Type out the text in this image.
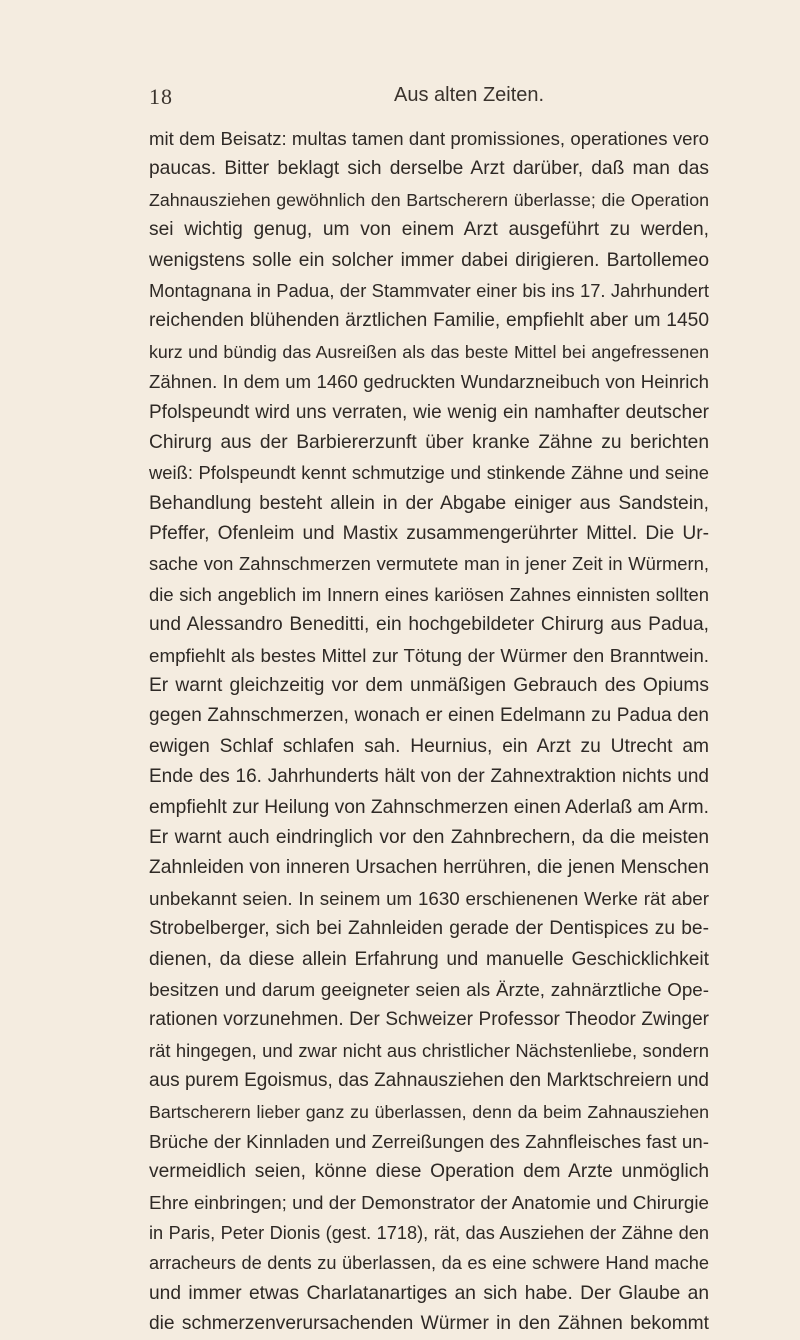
18	Aus alten Zeiten.
mit dem Beisatz: multas tamen dant promissiones, operationes vero
paucas. Bitter beklagt sich derselbe Arzt darüber, daß man das
Zahnausziehen gewöhnlich den Bartscherern überlasse; die Operation
sei wichtig genug, um von einem Arzt ausgeführt zu werden,
wenigstens solle ein solcher immer dabei dirigieren. Bartollemeo
Montagnana in Padua, der Stammvater einer bis ins 17. Jahrhundert
reichenden blühenden ärztlichen Familie, empfiehlt aber um 1450
kurz und bündig das Ausreißen als das beste Mittel bei angefressenen
Zähnen. In dem um 1460 gedruckten Wundarzneibuch von Heinrich
Pfolspeundt wird uns verraten, wie wenig ein namhafter deutscher
Chirurg aus der Barbiererzunft über kranke Zähne zu berichten
weiß: Pfolspeundt kennt schmutzige und stinkende Zähne und seine
Behandlung besteht allein in der Abgabe einiger aus Sandstein,
Pfeffer, Ofenleim und Mastix zusammengerührter Mittel. Die Ur-
sache von Zahnschmerzen vermutete man in jener Zeit in Würmern,
die sich angeblich im Innern eines kariösen Zahnes einnisten sollten
und Alessandro Beneditti, ein hochgebildeter Chirurg aus Padua,
empfiehlt als bestes Mittel zur Tötung der Würmer den Branntwein.
Er warnt gleichzeitig vor dem unmäßigen Gebrauch des Opiums
gegen Zahnschmerzen, wonach er einen Edelmann zu Padua den
ewigen Schlaf schlafen sah. Heurnius, ein Arzt zu Utrecht am
Ende des 16. Jahrhunderts hält von der Zahnextraktion nichts und
empfiehlt zur Heilung von Zahnschmerzen einen Aderlaß am Arm.
Er warnt auch eindringlich vor den Zahnbrechern, da die meisten
Zahnleiden von inneren Ursachen herrühren, die jenen Menschen
unbekannt seien. In seinem um 1630 erschienenen Werke rät aber
Strobelberger, sich bei Zahnleiden gerade der Dentispices zu be-
dienen, da diese allein Erfahrung und manuelle Geschicklichkeit
besitzen und darum geeigneter seien als Ärzte, zahnärztliche Ope-
rationen vorzunehmen. Der Schweizer Professor Theodor Zwinger
rät hingegen, und zwar nicht aus christlicher Nächstenliebe, sondern
aus purem Egoismus, das Zahnausziehen den Marktschreiern und
Bartscherern lieber ganz zu überlassen, denn da beim Zahnausziehen
Brüche der Kinnladen und Zerreißungen des Zahnfleisches fast un-
vermeidlich seien, könne diese Operation dem Arzte unmöglich
Ehre einbringen; und der Demonstrator der Anatomie und Chirurgie
in Paris, Peter Dionis (gest. 1718), rät, das Ausziehen der Zähne den
arracheurs de dents zu überlassen, da es eine schwere Hand mache
und immer etwas Charlatanartiges an sich habe. Der Glaube an
die schmerzenverursachenden Würmer in den Zähnen bekommt
